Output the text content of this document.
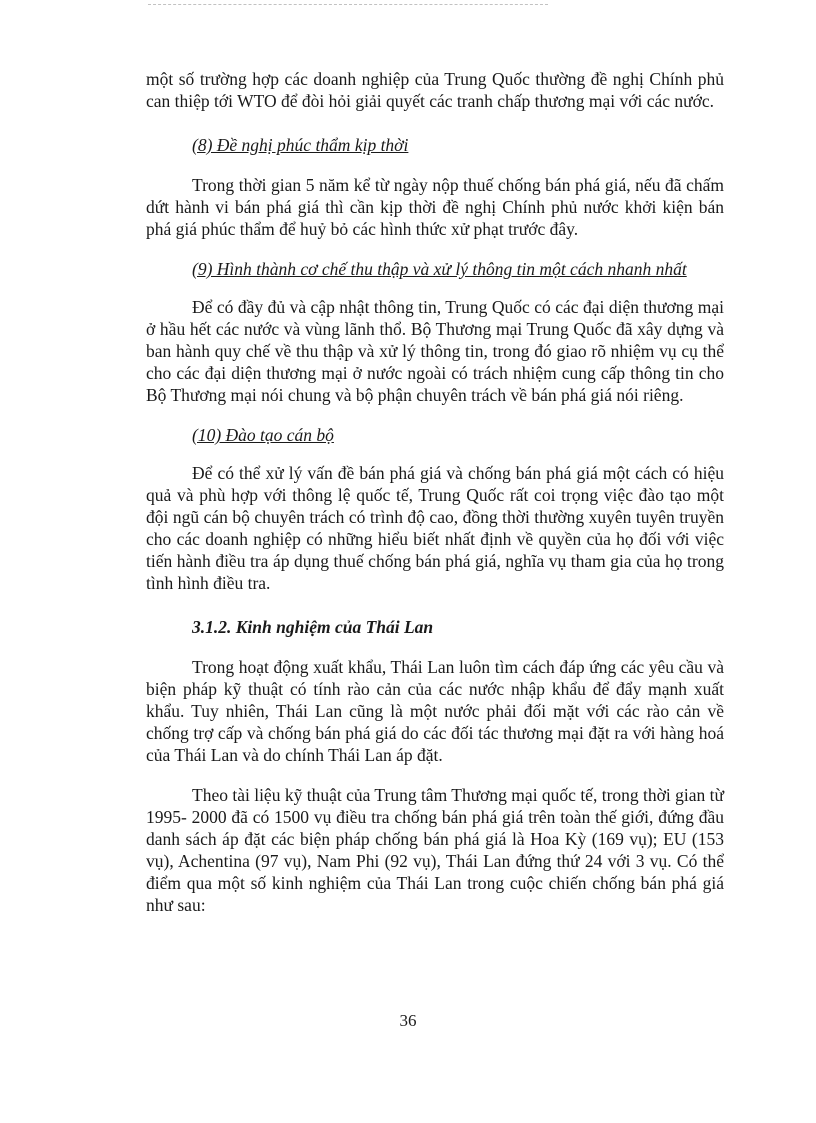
một số trường hợp các doanh nghiệp của Trung Quốc thường đề nghị Chính phủ can thiệp tới WTO để đòi hỏi giải quyết các tranh chấp thương mại với các nước.

(8) Đề nghị phúc thẩm kịp thời

Trong thời gian 5 năm kể từ ngày nộp thuế chống bán phá giá, nếu đã chấm dứt hành vi bán phá giá thì cần kịp thời đề nghị Chính phủ nước khởi kiện bán phá giá phúc thẩm để huỷ bỏ các hình thức xử phạt trước đây.

(9) Hình thành cơ chế thu thập và xử lý thông tin một cách nhanh nhất

Để có đầy đủ và cập nhật thông tin, Trung Quốc có các đại diện thương mại ở hầu hết các nước và vùng lãnh thổ. Bộ Thương mại Trung Quốc đã xây dựng và ban hành quy chế về thu thập và xử lý thông tin, trong đó giao rõ nhiệm vụ cụ thể cho các đại diện thương mại ở nước ngoài có trách nhiệm cung cấp thông tin cho Bộ Thương mại nói chung và bộ phận chuyên trách về bán phá giá nói riêng.

(10) Đào tạo cán bộ

Để có thể xử lý vấn đề bán phá giá và chống bán phá giá một cách có hiệu quả và phù hợp với thông lệ quốc tế, Trung Quốc rất coi trọng việc đào tạo một đội ngũ cán bộ chuyên trách có trình độ cao, đồng thời thường xuyên tuyên truyền cho các doanh nghiệp có những hiểu biết nhất định về quyền của họ đối với việc tiến hành điều tra áp dụng thuế chống bán phá giá, nghĩa vụ tham gia của họ trong tình hình điều tra.

3.1.2. Kinh nghiệm của Thái Lan

Trong hoạt động xuất khẩu, Thái Lan luôn tìm cách đáp ứng các yêu cầu và biện pháp kỹ thuật có tính rào cản của các nước nhập khẩu để đẩy mạnh xuất khẩu. Tuy nhiên, Thái Lan cũng là một nước phải đối mặt với các rào cản về chống trợ cấp và chống bán phá giá do các đối tác thương mại đặt ra với hàng hoá của Thái Lan và do chính Thái Lan áp đặt.

Theo tài liệu kỹ thuật của Trung tâm Thương mại quốc tế, trong thời gian từ 1995- 2000 đã có 1500 vụ điều tra chống bán phá giá trên toàn thế giới, đứng đầu danh sách áp đặt các biện pháp chống bán phá giá là Hoa Kỳ (169 vụ); EU (153 vụ), Achentina (97 vụ), Nam Phi (92 vụ), Thái Lan đứng thứ 24 với 3 vụ. Có thể điểm qua một số kinh nghiệm của Thái Lan trong cuộc chiến chống bán phá giá như sau:

36
